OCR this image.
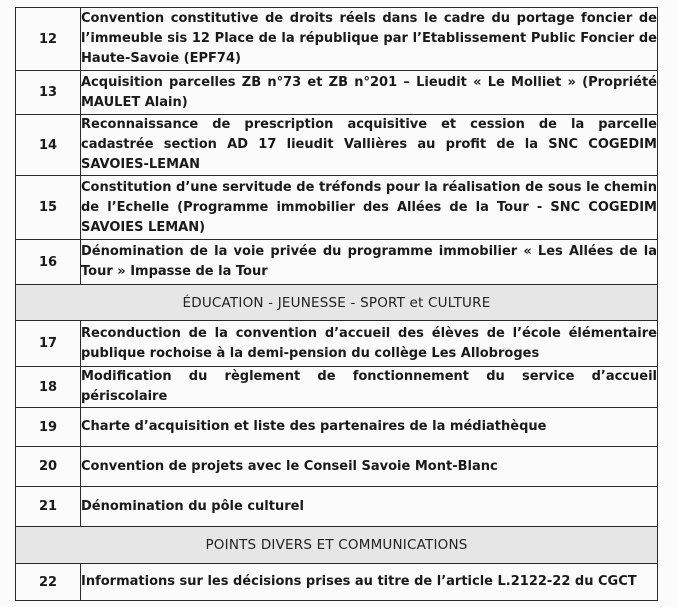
12	Convention constitutive de droits réels dans le cadre du portage foncier de l’immeuble sis 12 Place de la république par l’Etablissement Public Foncier de Haute-Savoie (EPF74)
13	Acquisition parcelles ZB n°73 et ZB n°201 – Lieudit « Le Molliet » (Propriété MAULET Alain)
14	Reconnaissance de prescription acquisitive et cession de la parcelle cadastrée section AD 17 lieudit Vallières au profit de la SNC COGEDIM SAVOIES-LEMAN
15	Constitution d’une servitude de tréfonds pour la réalisation de sous le chemin de l’Echelle (Programme immobilier des Allées de la Tour - SNC COGEDIM SAVOIES LEMAN)
16	Dénomination de la voie privée du programme immobilier « Les Allées de la Tour » Impasse de la Tour
ÉDUCATION - JEUNESSE - SPORT et CULTURE	
17	Reconduction de la convention d’accueil des élèves de l’école élémentaire publique rochoise à la demi-pension du collège Les Allobroges
18	Modification du règlement de fonctionnement du service d’accueil périscolaire
19	Charte d’acquisition et liste des partenaires de la médiathèque
20	Convention de projets avec le Conseil Savoie Mont-Blanc
21	Dénomination du pôle culturel
POINTS DIVERS ET COMMUNICATIONS	
22	Informations sur les décisions prises au titre de l’article L.2122-22 du CGCT
